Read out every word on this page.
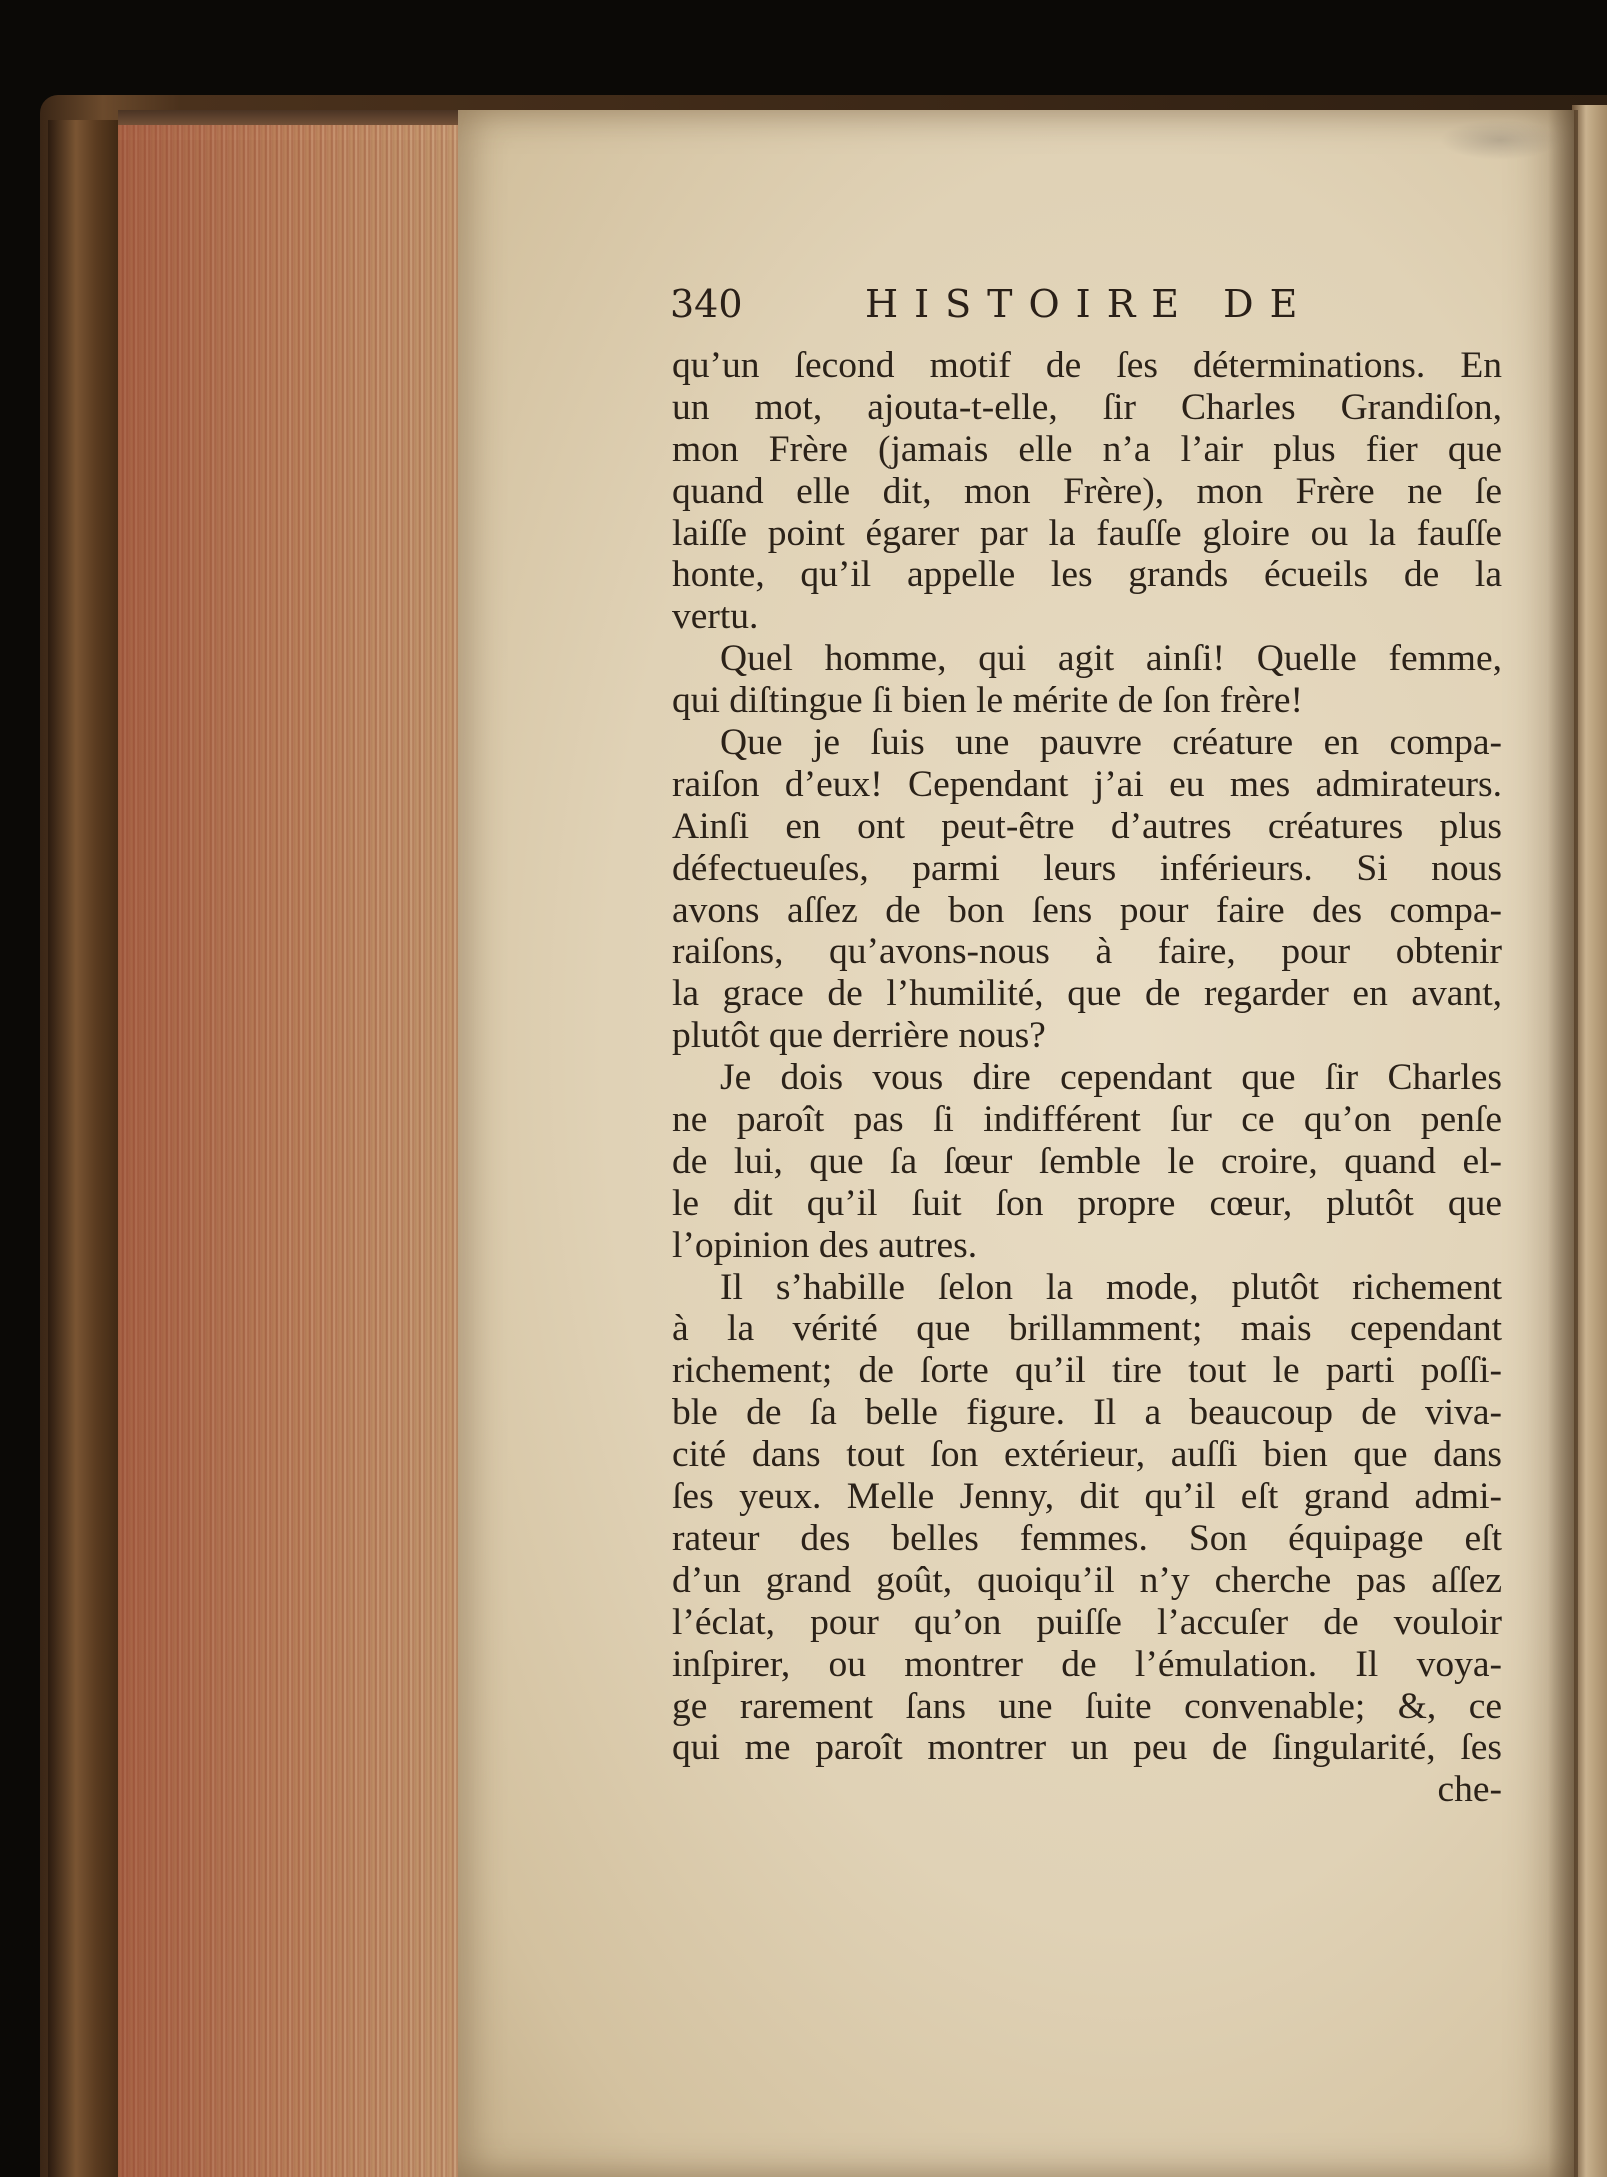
340	HISTOIRE DE
qu’un ſecond motif de ſes déterminations. En
un mot, ajouta-t-elle, ſir Charles Grandiſon,
mon Frère (jamais elle n’a l’air plus fier que
quand elle dit, mon Frère), mon Frère ne ſe
laiſſe point égarer par la fauſſe gloire ou la fauſſe
honte, qu’il appelle les grands écueils de la
vertu.
Quel homme, qui agit ainſi! Quelle femme,
qui diſtingue ſi bien le mérite de ſon frère!
Que je ſuis une pauvre créature en compa-
raiſon d’eux! Cependant j’ai eu mes admirateurs.
Ainſi en ont peut-être d’autres créatures plus
défectueuſes, parmi leurs inférieurs. Si nous
avons aſſez de bon ſens pour faire des compa-
raiſons, qu’avons-nous à faire, pour obtenir
la grace de l’humilité, que de regarder en avant,
plutôt que derrière nous?
Je dois vous dire cependant que ſir Charles
ne paroît pas ſi indifférent ſur ce qu’on penſe
de lui, que ſa ſœur ſemble le croire, quand el-
le dit qu’il ſuit ſon propre cœur, plutôt que
l’opinion des autres.
Il s’habille ſelon la mode, plutôt richement
à la vérité que brillamment; mais cependant
richement; de ſorte qu’il tire tout le parti poſſi-
ble de ſa belle figure. Il a beaucoup de viva-
cité dans tout ſon extérieur, auſſi bien que dans
ſes yeux. Melle Jenny, dit qu’il eſt grand admi-
rateur des belles femmes. Son équipage eſt
d’un grand goût, quoiqu’il n’y cherche pas aſſez
l’éclat, pour qu’on puiſſe l’accuſer de vouloir
inſpirer, ou montrer de l’émulation. Il voya-
ge rarement ſans une ſuite convenable; &, ce
qui me paroît montrer un peu de ſingularité, ſes
che-
